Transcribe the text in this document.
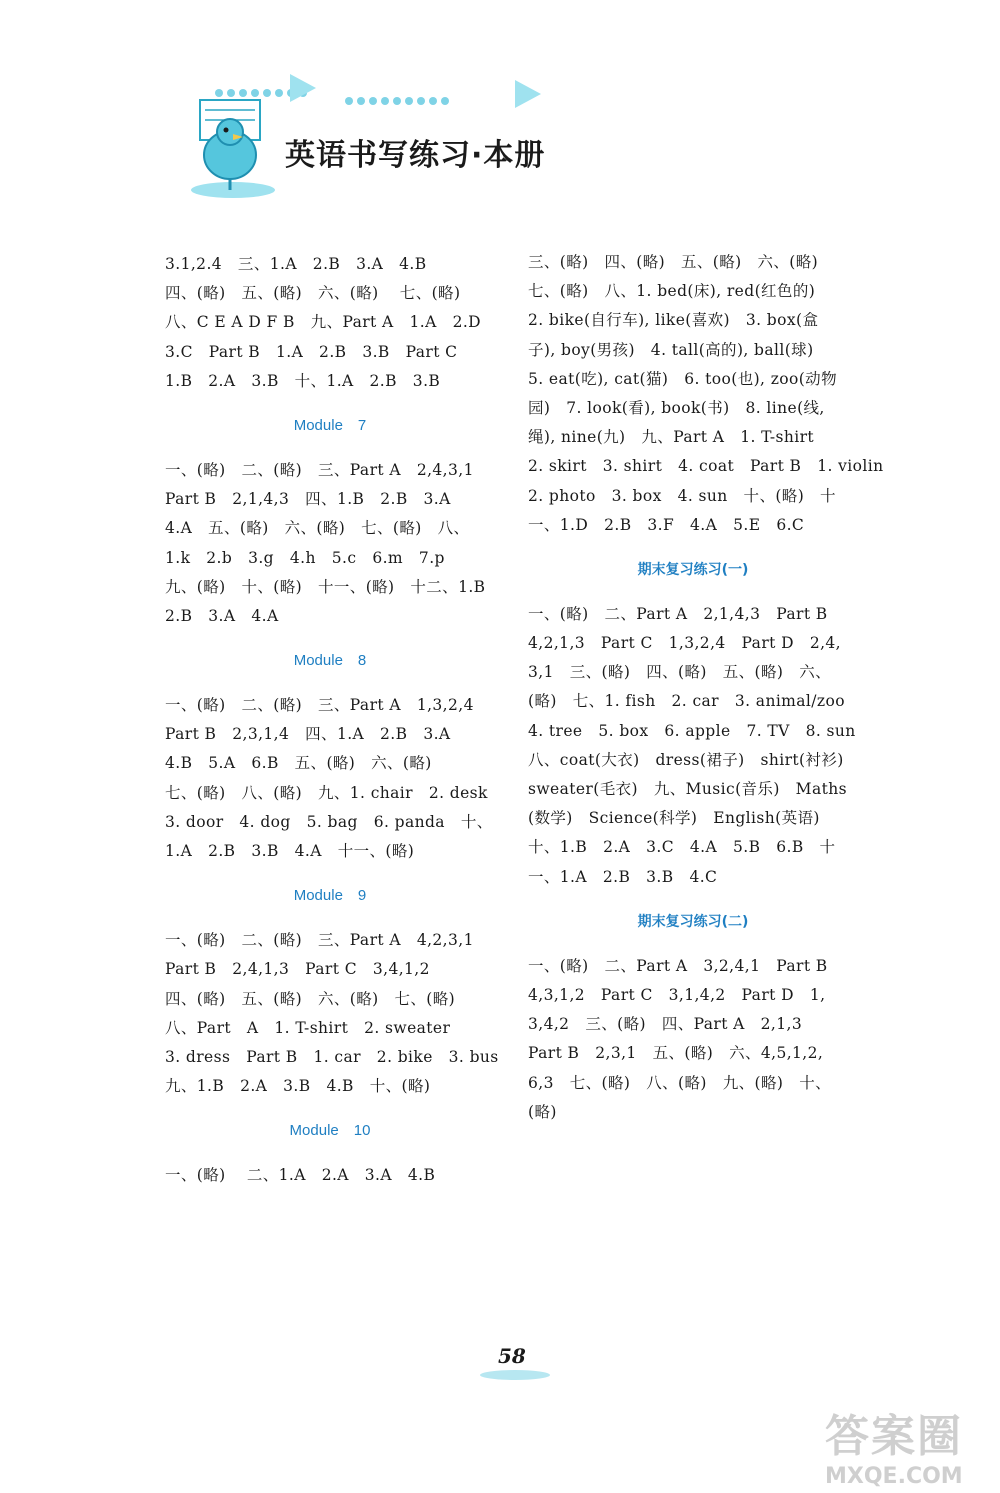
英语书写练习·本册
3.1,2.4　三、1.A　2.B　3.A　4.B
四、(略)　五、(略)　六、(略)　 七、(略)
八、C E A D F B　九、Part A　1.A　2.D
3.C　Part B　1.A　2.B　3.B　Part C
1.B　2.A　3.B　十、1.A　2.B　3.B
Module　7
一、(略)　二、(略)　三、Part A　2,4,3,1
Part B　2,1,4,3　四、1.B　2.B　3.A
4.A　五、(略)　六、(略)　七、(略)　八、
1.k　2.b　3.g　4.h　5.c　6.m　7.p
九、(略)　十、(略)　十一、(略)　十二、1.B
2.B　3.A　4.A
Module　8
一、(略)　二、(略)　三、Part A　1,3,2,4
Part B　2,3,1,4　四、1.A　2.B　3.A
4.B　5.A　6.B　五、(略)　六、(略)
七、(略)　八、(略)　九、1. chair　2. desk
3. door　4. dog　5. bag　6. panda　十、
1.A　2.B　3.B　4.A　十一、(略)
Module　9
一、(略)　二、(略)　三、Part A　4,2,3,1
Part B　2,4,1,3　Part C　3,4,1,2
四、(略)　五、(略)　六、(略)　七、(略)
八、Part　A　1. T-shirt　2. sweater
3. dress　Part B　1. car　2. bike　3. bus
九、1.B　2.A　3.B　4.B　十、(略)
Module　10
一、(略)　 二、1.A　2.A　3.A　4.B
三、(略)　四、(略)　五、(略)　六、(略)
七、(略)　八、1. bed(床), red(红色的)
2. bike(自行车), like(喜欢)　3. box(盒
子), boy(男孩)　4. tall(高的), ball(球)
5. eat(吃), cat(猫)　6. too(也), zoo(动物
园)　7. look(看), book(书)　8. line(线,
绳), nine(九)　九、Part A　1. T-shirt
2. skirt　3. shirt　4. coat　Part B　1. violin
2. photo　3. box　4. sun　十、(略)　十
一、1.D　2.B　3.F　4.A　5.E　6.C
期末复习练习(一)
一、(略)　二、Part A　2,1,4,3　Part B
4,2,1,3　Part C　1,3,2,4　Part D　2,4,
3,1　三、(略)　四、(略)　五、(略)　六、
(略)　七、1. fish　2. car　3. animal/zoo
4. tree　5. box　6. apple　7. TV　8. sun
八、coat(大衣)　dress(裙子)　shirt(衬衫)
sweater(毛衣)　九、Music(音乐)　Maths
(数学)　Science(科学)　English(英语)
十、1.B　2.A　3.C　4.A　5.B　6.B　十
一、1.A　2.B　3.B　4.C
期末复习练习(二)
一、(略)　二、Part A　3,2,4,1　Part B
4,3,1,2　Part C　3,1,4,2　Part D　1,
3,4,2　三、(略)　四、Part A　2,1,3
Part B　2,3,1　五、(略)　六、4,5,1,2,
6,3　七、(略)　八、(略)　九、(略)　十、
(略)
58
答案圈
MXQE.COM
